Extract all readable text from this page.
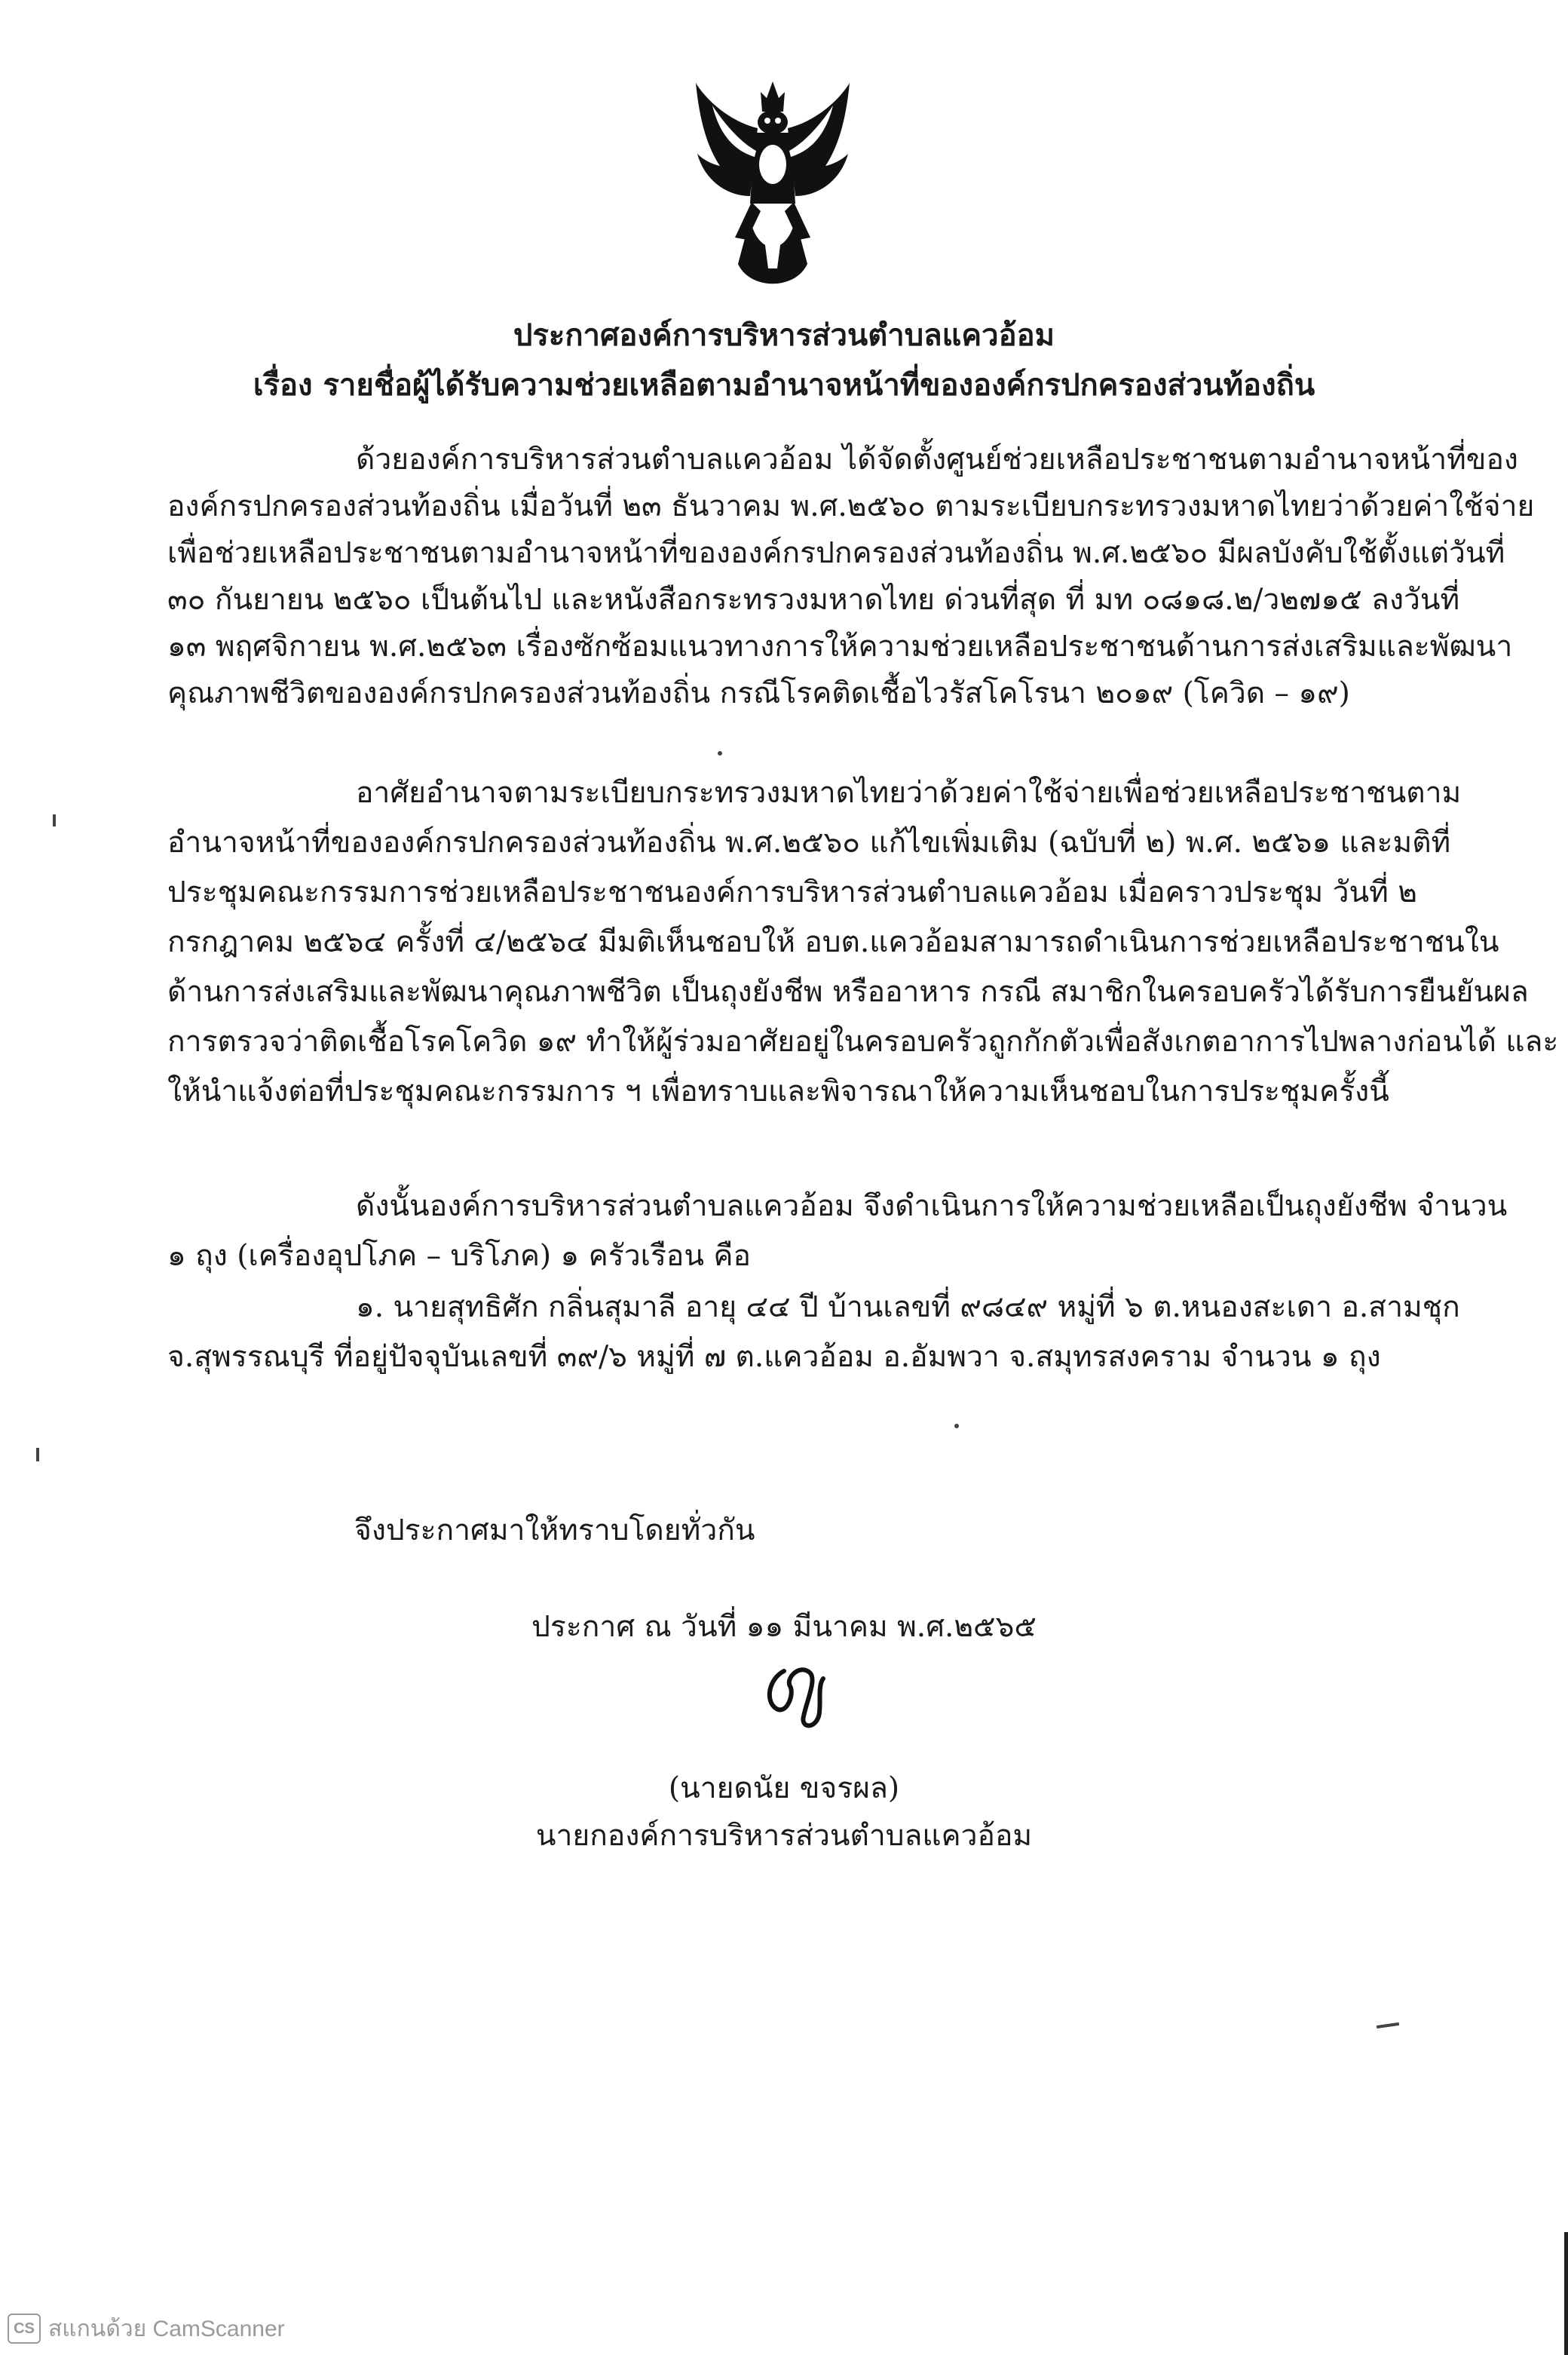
ประกาศองค์การบริหารส่วนตำบลแควอ้อม
เรื่อง รายชื่อผู้ได้รับความช่วยเหลือตามอำนาจหน้าที่ขององค์กรปกครองส่วนท้องถิ่น
ด้วยองค์การบริหารส่วนตำบลแควอ้อม ได้จัดตั้งศูนย์ช่วยเหลือประชาชนตามอำนาจหน้าที่ของ
องค์กรปกครองส่วนท้องถิ่น เมื่อวันที่ ๒๓ ธันวาคม พ.ศ.๒๕๖๐ ตามระเบียบกระทรวงมหาดไทยว่าด้วยค่าใช้จ่าย
เพื่อช่วยเหลือประชาชนตามอำนาจหน้าที่ขององค์กรปกครองส่วนท้องถิ่น พ.ศ.๒๕๖๐ มีผลบังคับใช้ตั้งแต่วันที่
๓๐ กันยายน ๒๕๖๐ เป็นต้นไป และหนังสือกระทรวงมหาดไทย ด่วนที่สุด ที่ มท ๐๘๑๘.๒/ว๒๗๑๕ ลงวันที่
๑๓ พฤศจิกายน พ.ศ.๒๕๖๓ เรื่องซักซ้อมแนวทางการให้ความช่วยเหลือประชาชนด้านการส่งเสริมและพัฒนา
คุณภาพชีวิตขององค์กรปกครองส่วนท้องถิ่น กรณีโรคติดเชื้อไวรัสโคโรนา ๒๐๑๙ (โควิด – ๑๙)
อาศัยอำนาจตามระเบียบกระทรวงมหาดไทยว่าด้วยค่าใช้จ่ายเพื่อช่วยเหลือประชาชนตาม
อำนาจหน้าที่ขององค์กรปกครองส่วนท้องถิ่น พ.ศ.๒๕๖๐ แก้ไขเพิ่มเติม (ฉบับที่ ๒) พ.ศ. ๒๕๖๑ และมติที่
ประชุมคณะกรรมการช่วยเหลือประชาชนองค์การบริหารส่วนตำบลแควอ้อม เมื่อคราวประชุม วันที่ ๒
กรกฎาคม ๒๕๖๔ ครั้งที่ ๔/๒๕๖๔ มีมติเห็นชอบให้ อบต.แควอ้อมสามารถดำเนินการช่วยเหลือประชาชนใน
ด้านการส่งเสริมและพัฒนาคุณภาพชีวิต เป็นถุงยังชีพ หรืออาหาร กรณี สมาชิกในครอบครัวได้รับการยืนยันผล
การตรวจว่าติดเชื้อโรคโควิด ๑๙ ทำให้ผู้ร่วมอาศัยอยู่ในครอบครัวถูกกักตัวเพื่อสังเกตอาการไปพลางก่อนได้ และ
ให้นำแจ้งต่อที่ประชุมคณะกรรมการ ฯ เพื่อทราบและพิจารณาให้ความเห็นชอบในการประชุมครั้งนี้
ดังนั้นองค์การบริหารส่วนตำบลแควอ้อม จึงดำเนินการให้ความช่วยเหลือเป็นถุงยังชีพ จำนวน
๑ ถุง (เครื่องอุปโภค – บริโภค) ๑ ครัวเรือน คือ
๑. นายสุทธิศัก กลิ่นสุมาลี อายุ ๔๔ ปี บ้านเลขที่ ๙๘๔๙ หมู่ที่ ๖ ต.หนองสะเดา อ.สามชุก
จ.สุพรรณบุรี ที่อยู่ปัจจุบันเลขที่ ๓๙/๖ หมู่ที่ ๗ ต.แควอ้อม อ.อัมพวา จ.สมุทรสงคราม จำนวน ๑ ถุง
จึงประกาศมาให้ทราบโดยทั่วกัน
ประกาศ ณ วันที่ ๑๑ มีนาคม พ.ศ.๒๕๖๕
(นายดนัย ขจรผล)
นายกองค์การบริหารส่วนตำบลแควอ้อม
CS สแกนด้วย CamScanner
